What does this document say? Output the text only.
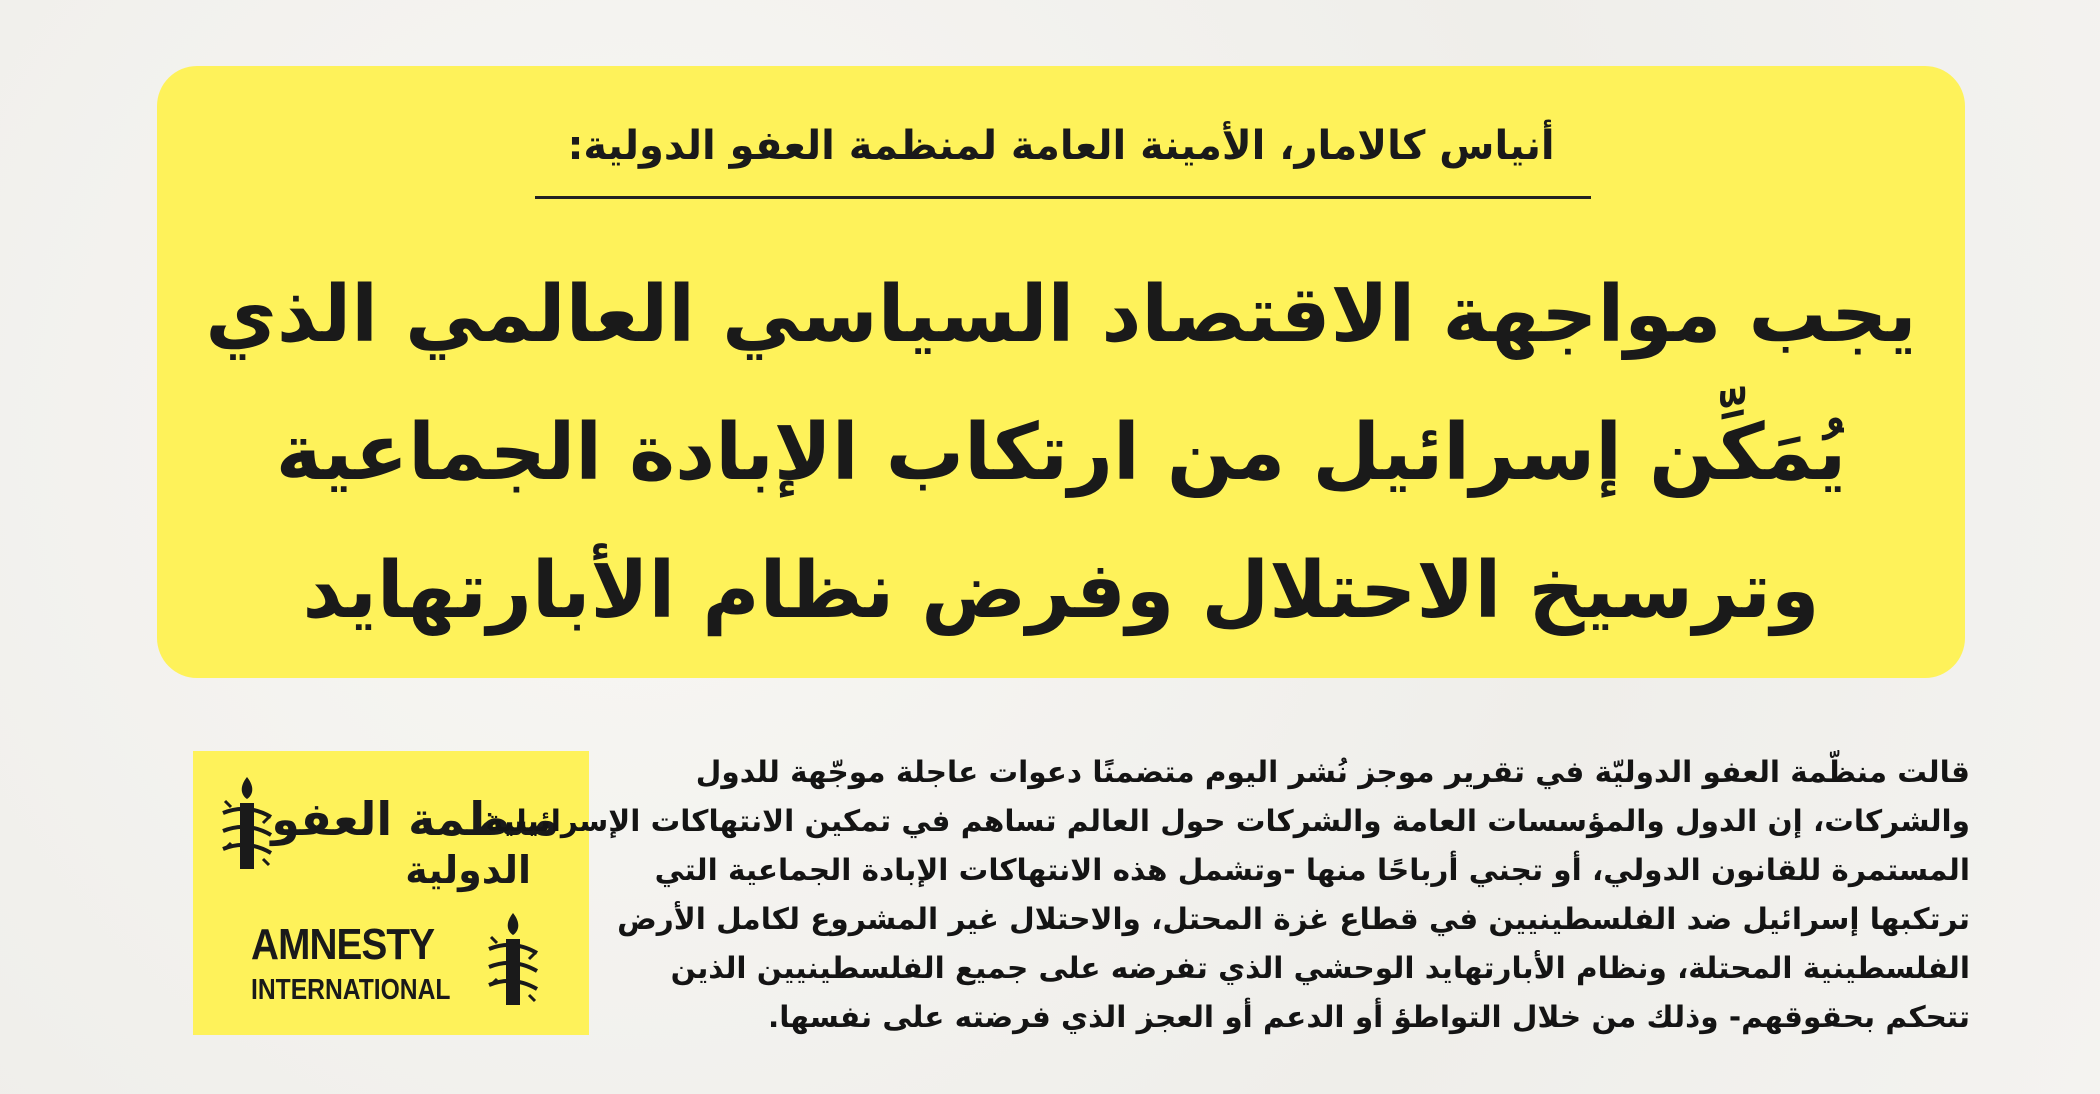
أنياس كالامار، الأمينة العامة لمنظمة العفو الدولية:
يجب مواجهة الاقتصاد السياسي العالمي الذي
يُمَكِّن إسرائيل من ارتكاب الإبادة الجماعية
وترسيخ الاحتلال وفرض نظام الأبارتهايد
منظمة العفو
الدولية
AMNESTY
INTERNATIONAL
قالت منظّمة العفو الدوليّة في تقرير موجز نُشر اليوم متضمنًا دعوات عاجلة موجّهة للدول
والشركات، إن الدول والمؤسسات العامة والشركات حول العالم تساهم في تمكين الانتهاكات الإسرائيلية
المستمرة للقانون الدولي، أو تجني أرباحًا منها -وتشمل هذه الانتهاكات الإبادة الجماعية التي
ترتكبها إسرائيل ضد الفلسطينيين في قطاع غزة المحتل، والاحتلال غير المشروع لكامل الأرض
الفلسطينية المحتلة، ونظام الأبارتهايد الوحشي الذي تفرضه على جميع الفلسطينيين الذين
تتحكم بحقوقهم- وذلك من خلال التواطؤ أو الدعم أو العجز الذي فرضته على نفسها.
